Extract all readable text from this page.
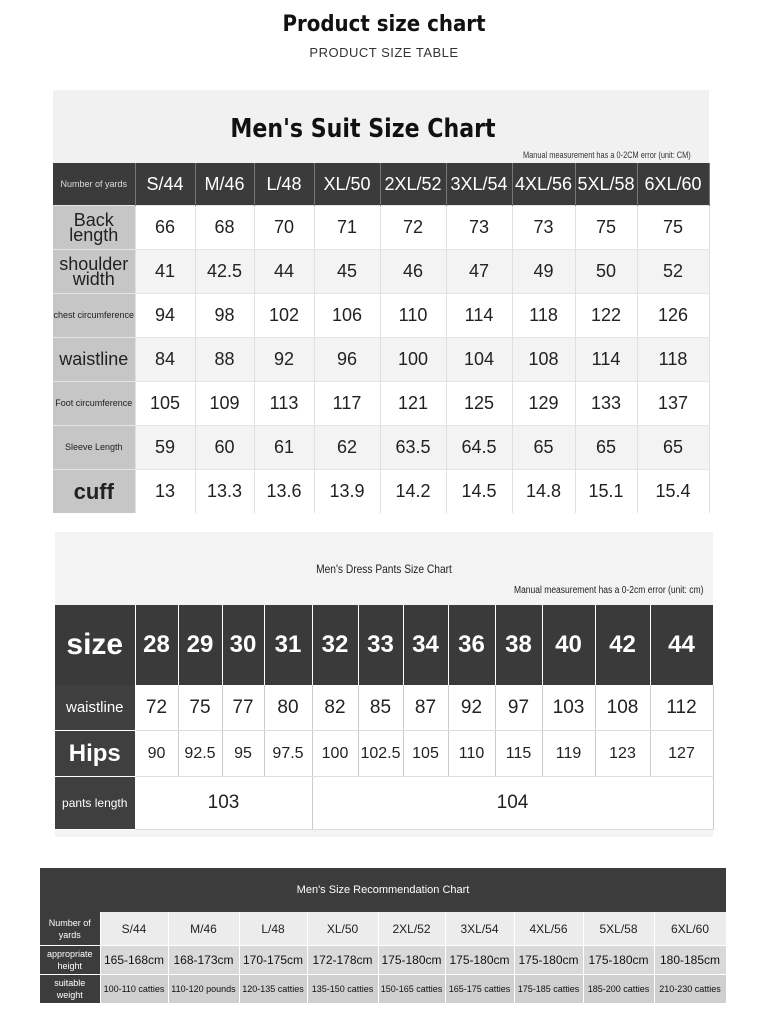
Product size chart
PRODUCT SIZE TABLE
Men's Suit Size Chart
Manual measurement has a 0-2CM error (unit: CM)
Number of yards	S/44	M/46	L/48	XL/50	2XL/52	3XL/54	4XL/56	5XL/58	6XL/60
Back length	66	68	70	71	72	73	73	75	75
shoulder width	41	42.5	44	45	46	47	49	50	52
chest circumference	94	98	102	106	110	114	118	122	126
waistline	84	88	92	96	100	104	108	114	118
Foot circumference	105	109	113	117	121	125	129	133	137
Sleeve Length	59	60	61	62	63.5	64.5	65	65	65
cuff	13	13.3	13.6	13.9	14.2	14.5	14.8	15.1	15.4
Men's Dress Pants Size Chart
Manual measurement has a 0-2cm error (unit: cm)
size	28	29	30	31	32	33	34	36	38	40	42	44
waistline	72	75	77	80	82	85	87	92	97	103	108	112
Hips	90	92.5	95	97.5	100	102.5	105	110	115	119	123	127
pants length	103				104							
Men's Size Recommendation Chart									
Number of yards	S/44	M/46	L/48	XL/50	2XL/52	3XL/54	4XL/56	5XL/58	6XL/60
appropriate height	165-168cm	168-173cm	170-175cm	172-178cm	175-180cm	175-180cm	175-180cm	175-180cm	180-185cm
suitable weight	100-110 catties	110-120 pounds	120-135 catties	135-150 catties	150-165 catties	165-175 catties	175-185 catties	185-200 catties	210-230 catties
